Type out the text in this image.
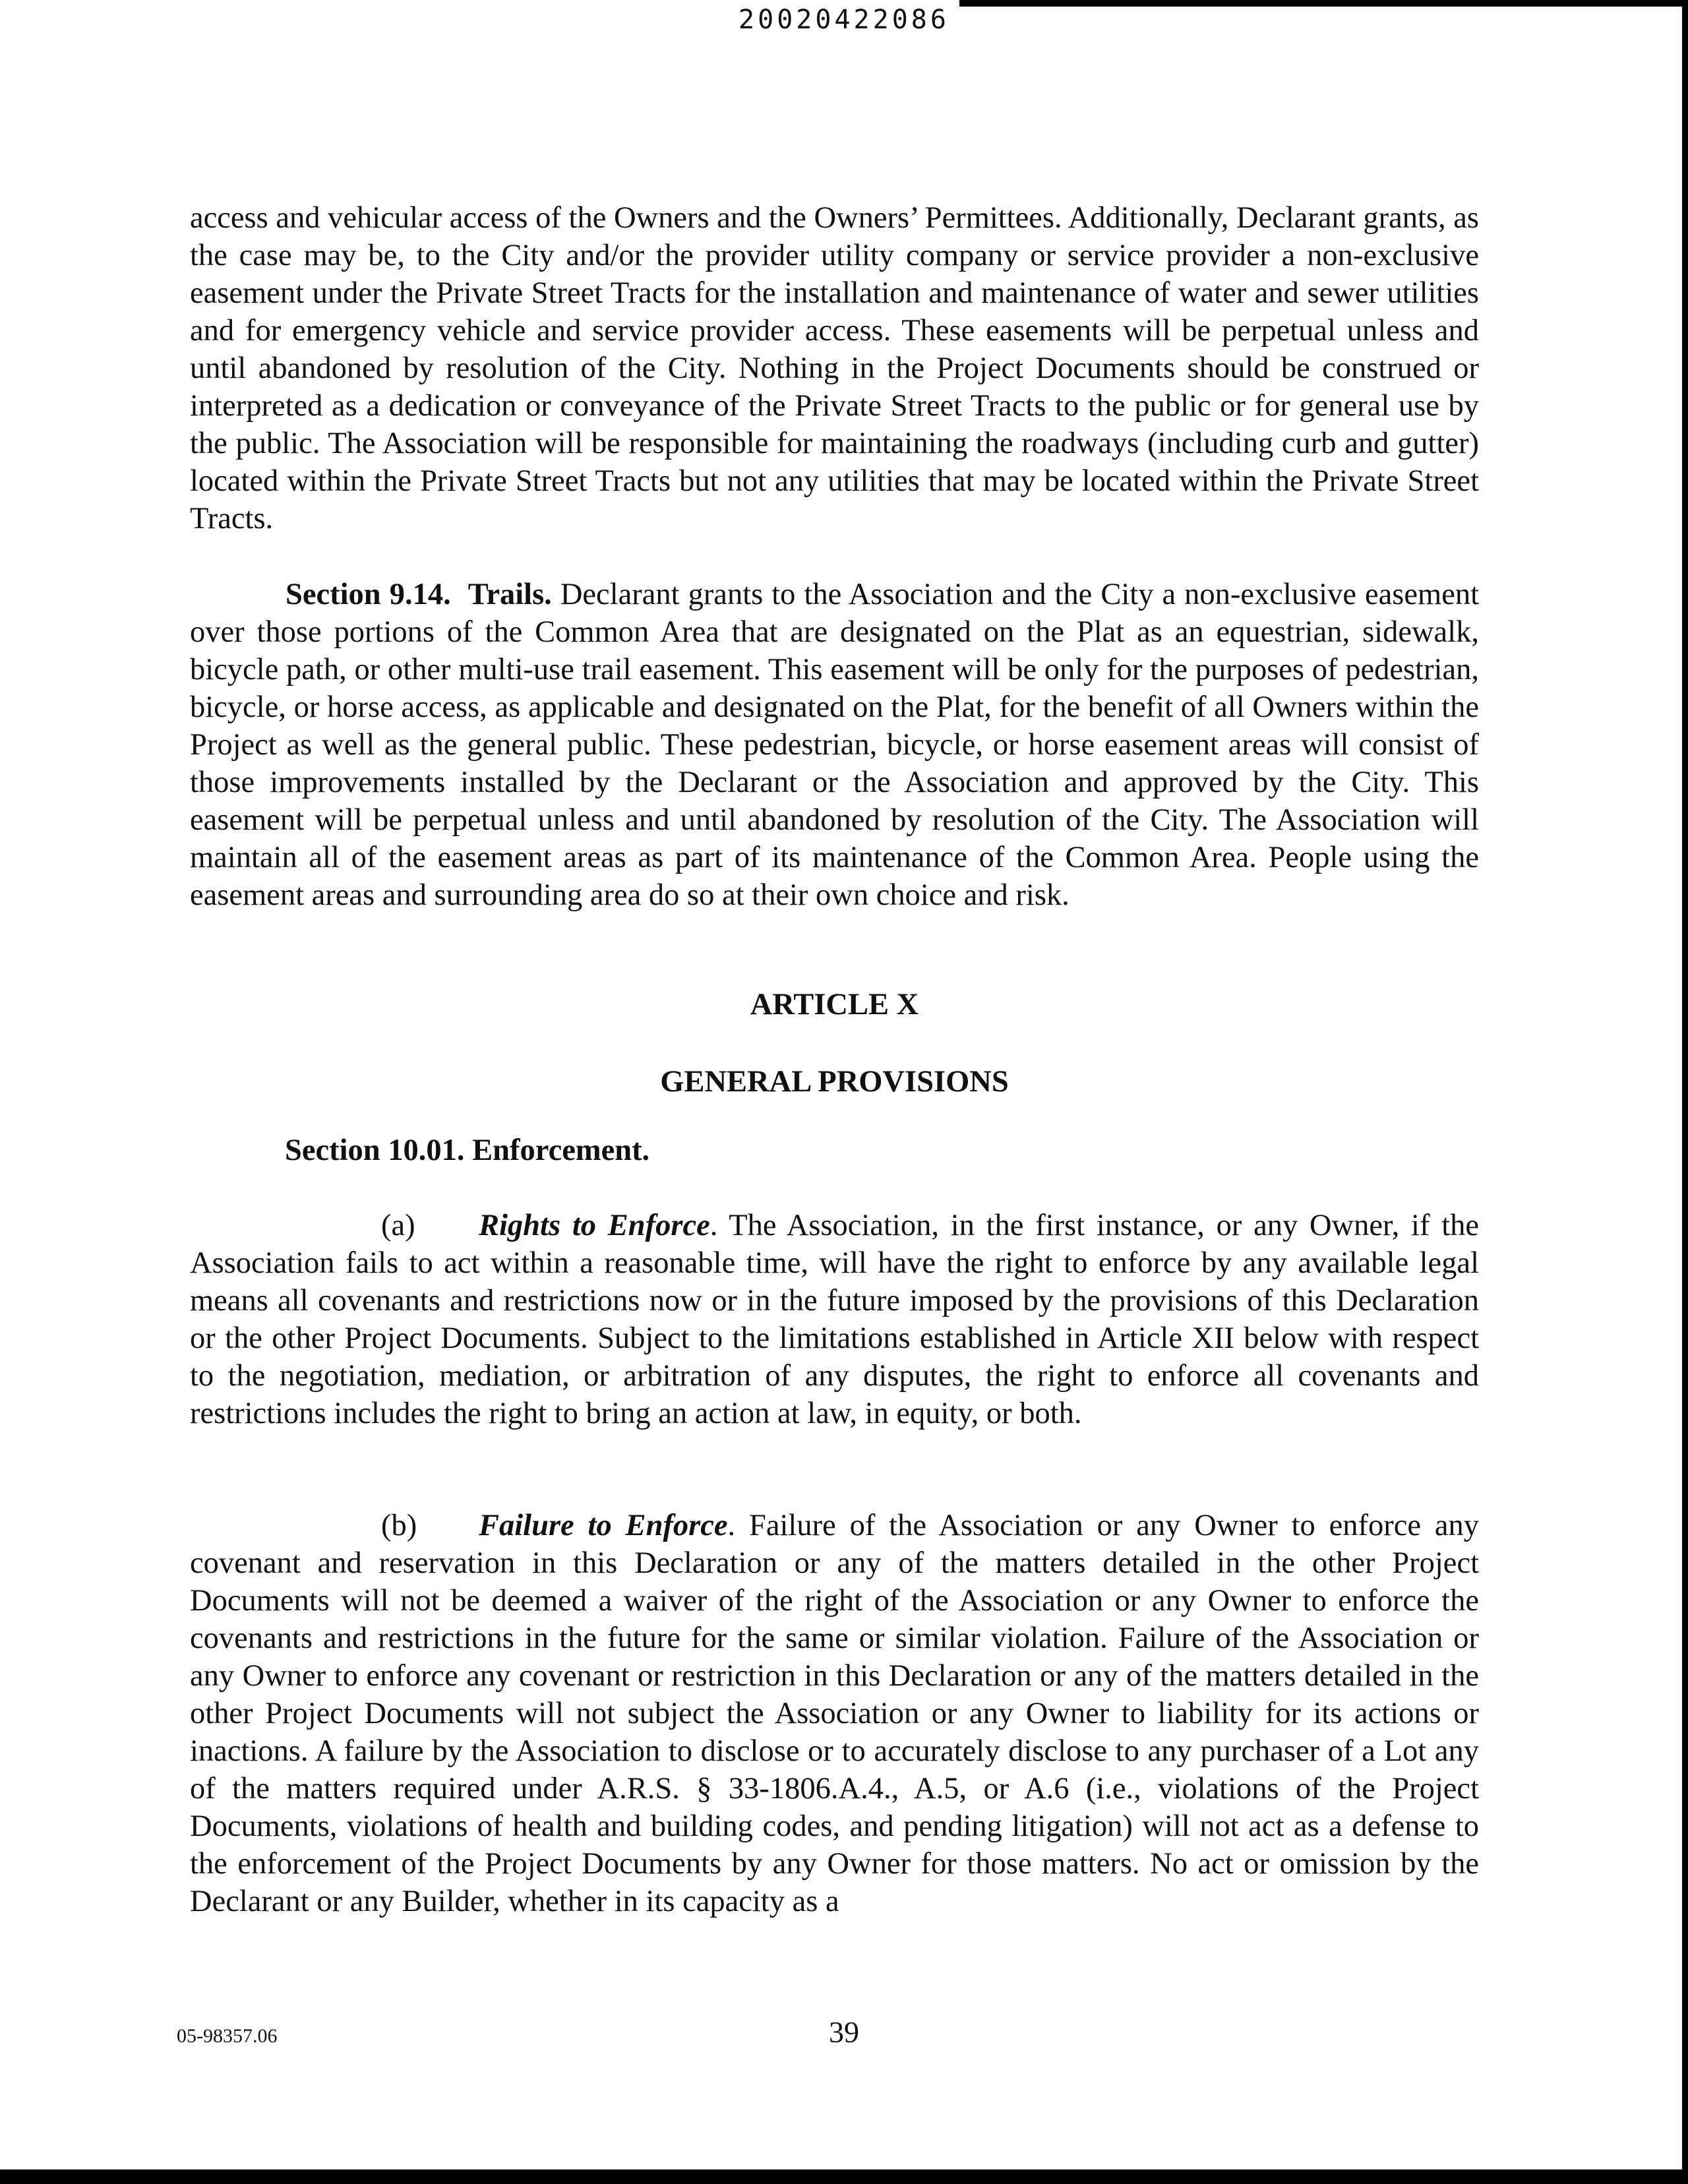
20020422086

access and vehicular access of the Owners and the Owners’ Permittees. Additionally, Declarant grants, as the case may be, to the City and/or the provider utility company or service provider a non-exclusive easement under the Private Street Tracts for the installation and maintenance of water and sewer utilities and for emergency vehicle and service provider access. These easements will be perpetual unless and until abandoned by resolution of the City. Nothing in the Project Documents should be construed or interpreted as a dedication or conveyance of the Private Street Tracts to the public or for general use by the public. The Association will be responsible for maintaining the roadways (including curb and gutter) located within the Private Street Tracts but not any utilities that may be located within the Private Street Tracts.

Section 9.14. Trails. Declarant grants to the Association and the City a non-exclusive easement over those portions of the Common Area that are designated on the Plat as an equestrian, sidewalk, bicycle path, or other multi-use trail easement. This easement will be only for the purposes of pedestrian, bicycle, or horse access, as applicable and designated on the Plat, for the benefit of all Owners within the Project as well as the general public. These pedestrian, bicycle, or horse easement areas will consist of those improvements installed by the Declarant or the Association and approved by the City. This easement will be perpetual unless and until abandoned by resolution of the City. The Association will maintain all of the easement areas as part of its maintenance of the Common Area. People using the easement areas and surrounding area do so at their own choice and risk.

ARTICLE X
GENERAL PROVISIONS
Section 10.01. Enforcement.

(a) Rights to Enforce. The Association, in the first instance, or any Owner, if the Association fails to act within a reasonable time, will have the right to enforce by any available legal means all covenants and restrictions now or in the future imposed by the provisions of this Declaration or the other Project Documents. Subject to the limitations established in Article XII below with respect to the negotiation, mediation, or arbitration of any disputes, the right to enforce all covenants and restrictions includes the right to bring an action at law, in equity, or both.

(b) Failure to Enforce. Failure of the Association or any Owner to enforce any covenant and reservation in this Declaration or any of the matters detailed in the other Project Documents will not be deemed a waiver of the right of the Association or any Owner to enforce the covenants and restrictions in the future for the same or similar violation. Failure of the Association or any Owner to enforce any covenant or restriction in this Declaration or any of the matters detailed in the other Project Documents will not subject the Association or any Owner to liability for its actions or inactions. A failure by the Association to disclose or to accurately disclose to any purchaser of a Lot any of the matters required under A.R.S. § 33-1806.A.4., A.5, or A.6 (i.e., violations of the Project Documents, violations of health and building codes, and pending litigation) will not act as a defense to the enforcement of the Project Documents by any Owner for those matters. No act or omission by the Declarant or any Builder, whether in its capacity as a

05-98357.06	39
